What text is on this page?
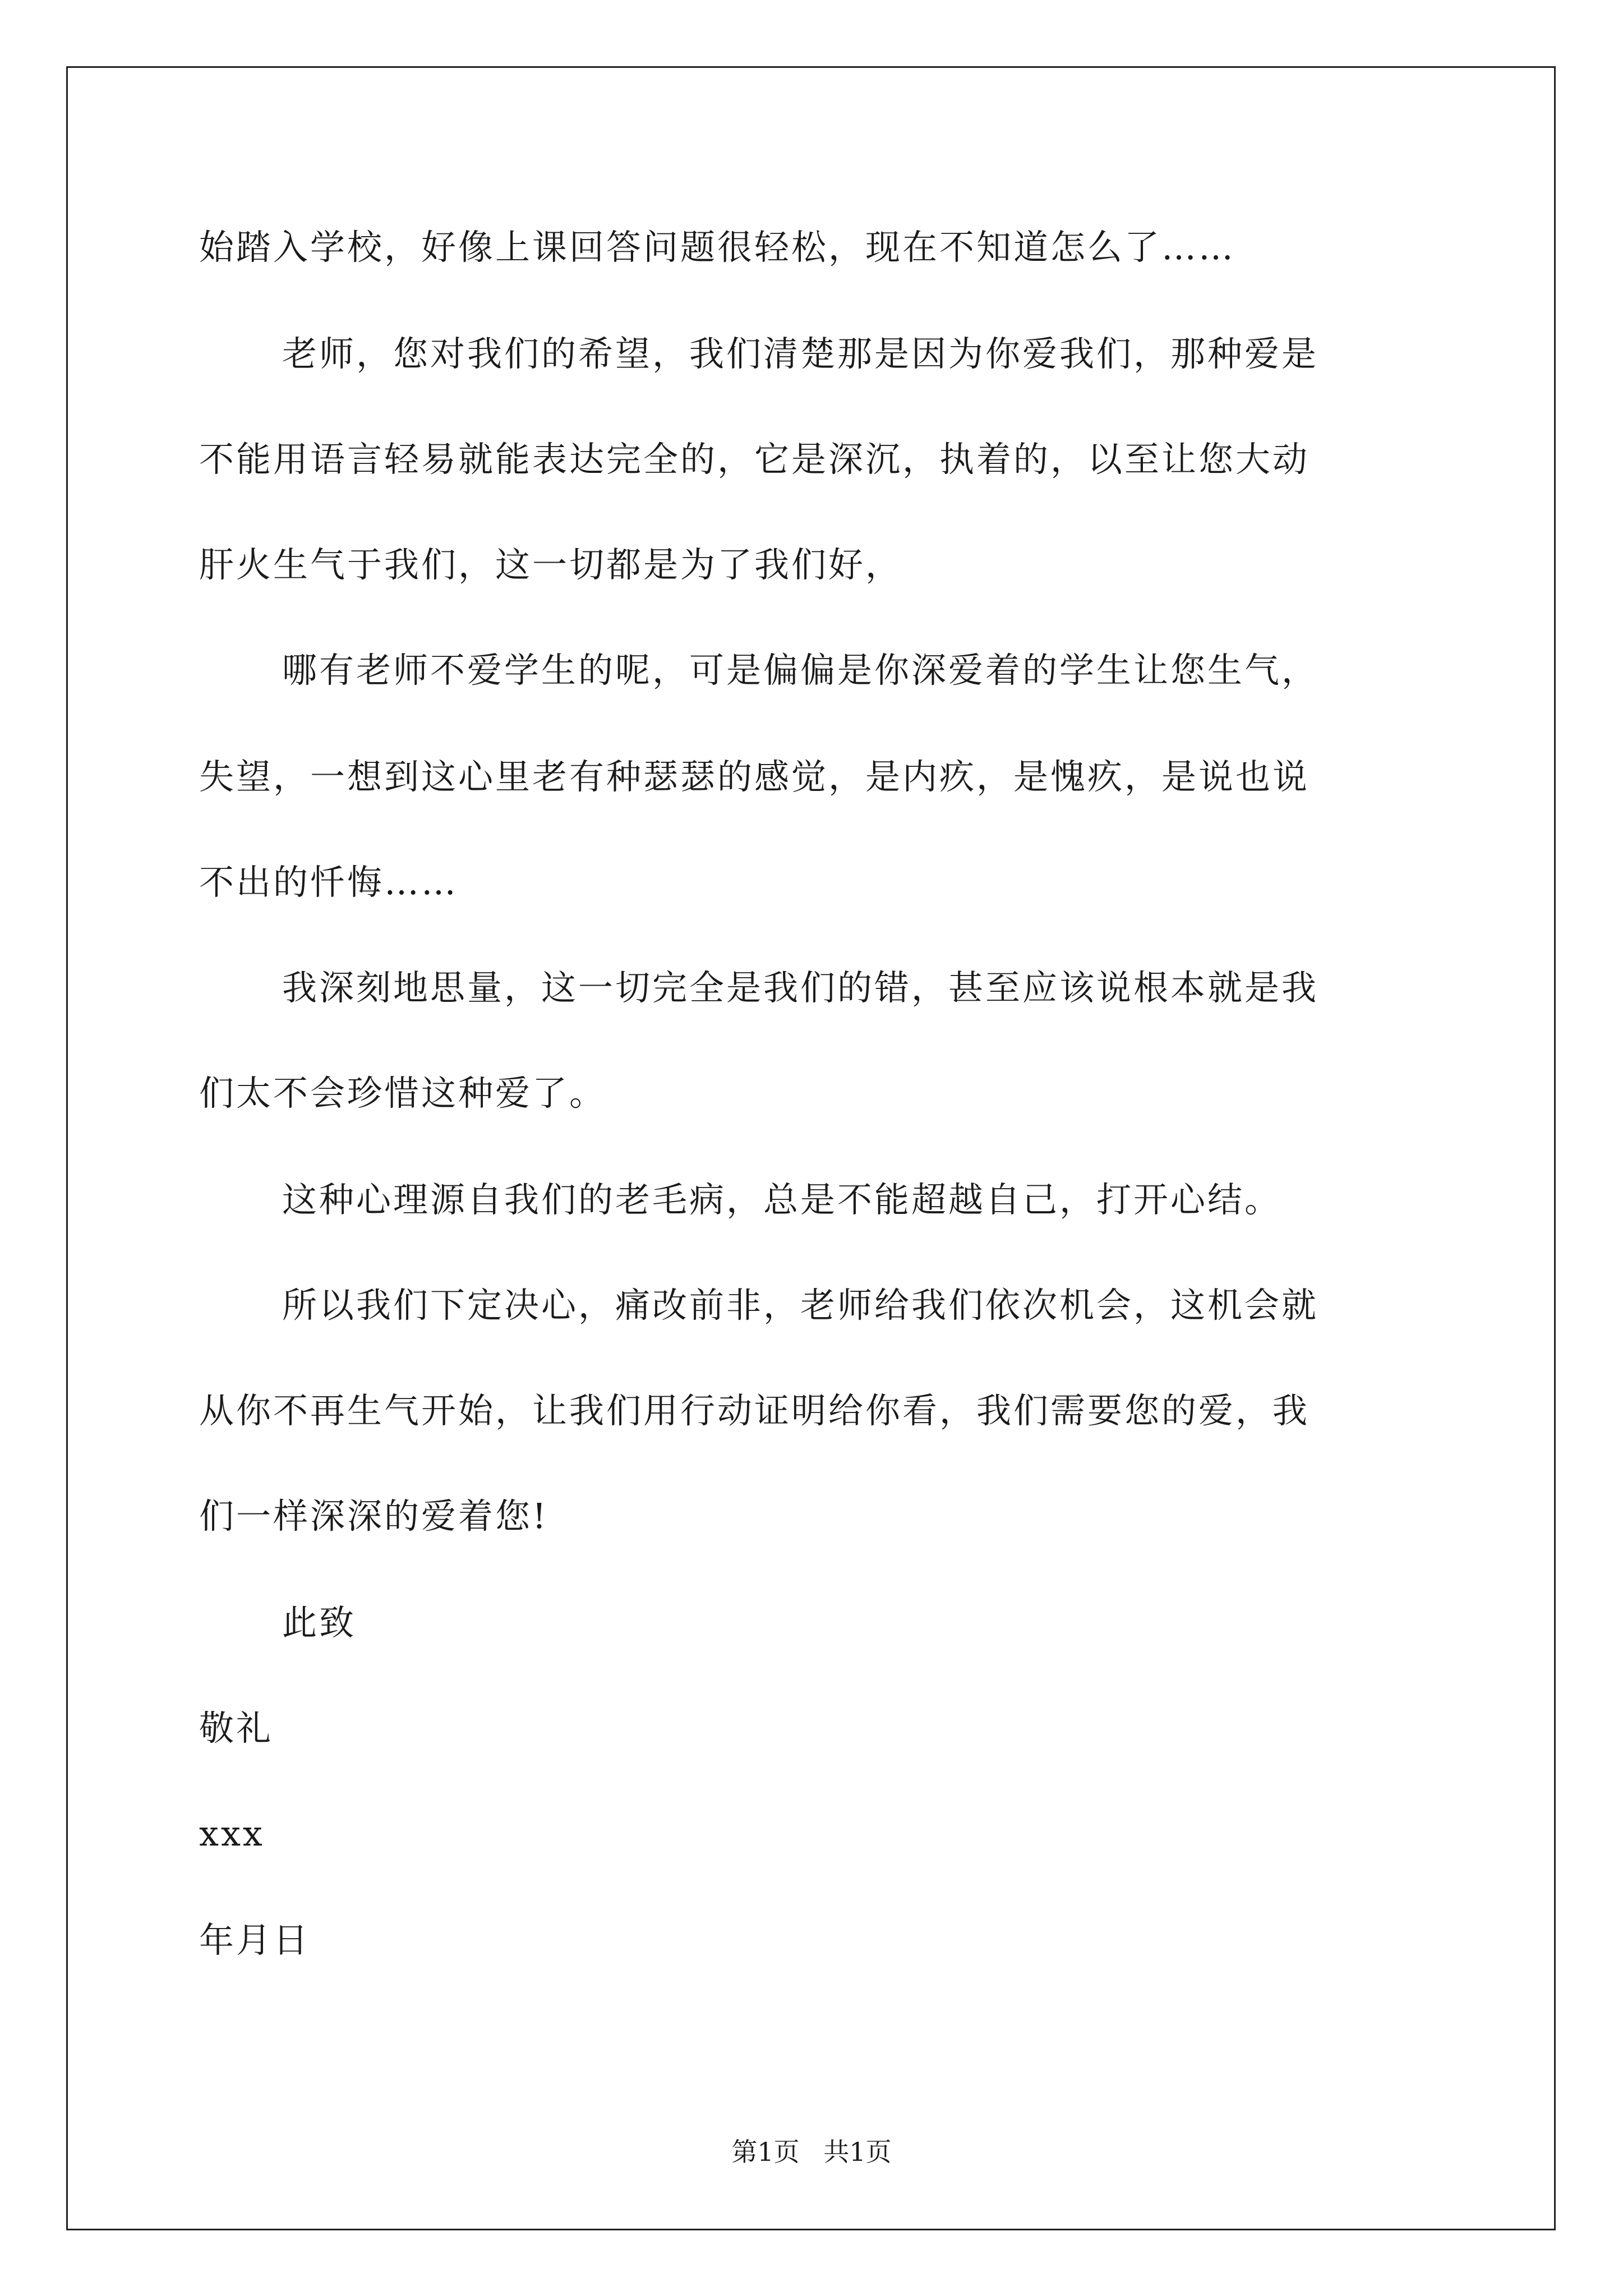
始踏入学校，好像上课回答问题很轻松，现在不知道怎么了……
老师，您对我们的希望，我们清楚那是因为你爱我们，那种爱是
不能用语言轻易就能表达完全的，它是深沉，执着的，以至让您大动
肝火生气于我们，这一切都是为了我们好，
哪有老师不爱学生的呢，可是偏偏是你深爱着的学生让您生气，
失望，一想到这心里老有种瑟瑟的感觉，是内疚，是愧疚，是说也说
不出的忏悔……
我深刻地思量，这一切完全是我们的错，甚至应该说根本就是我
们太不会珍惜这种爱了。
这种心理源自我们的老毛病，总是不能超越自己，打开心结。
所以我们下定决心，痛改前非，老师给我们依次机会，这机会就
从你不再生气开始，让我们用行动证明给你看，我们需要您的爱，我
们一样深深的爱着您!
此致
敬礼
xxx
年月日
第1页 共1页
